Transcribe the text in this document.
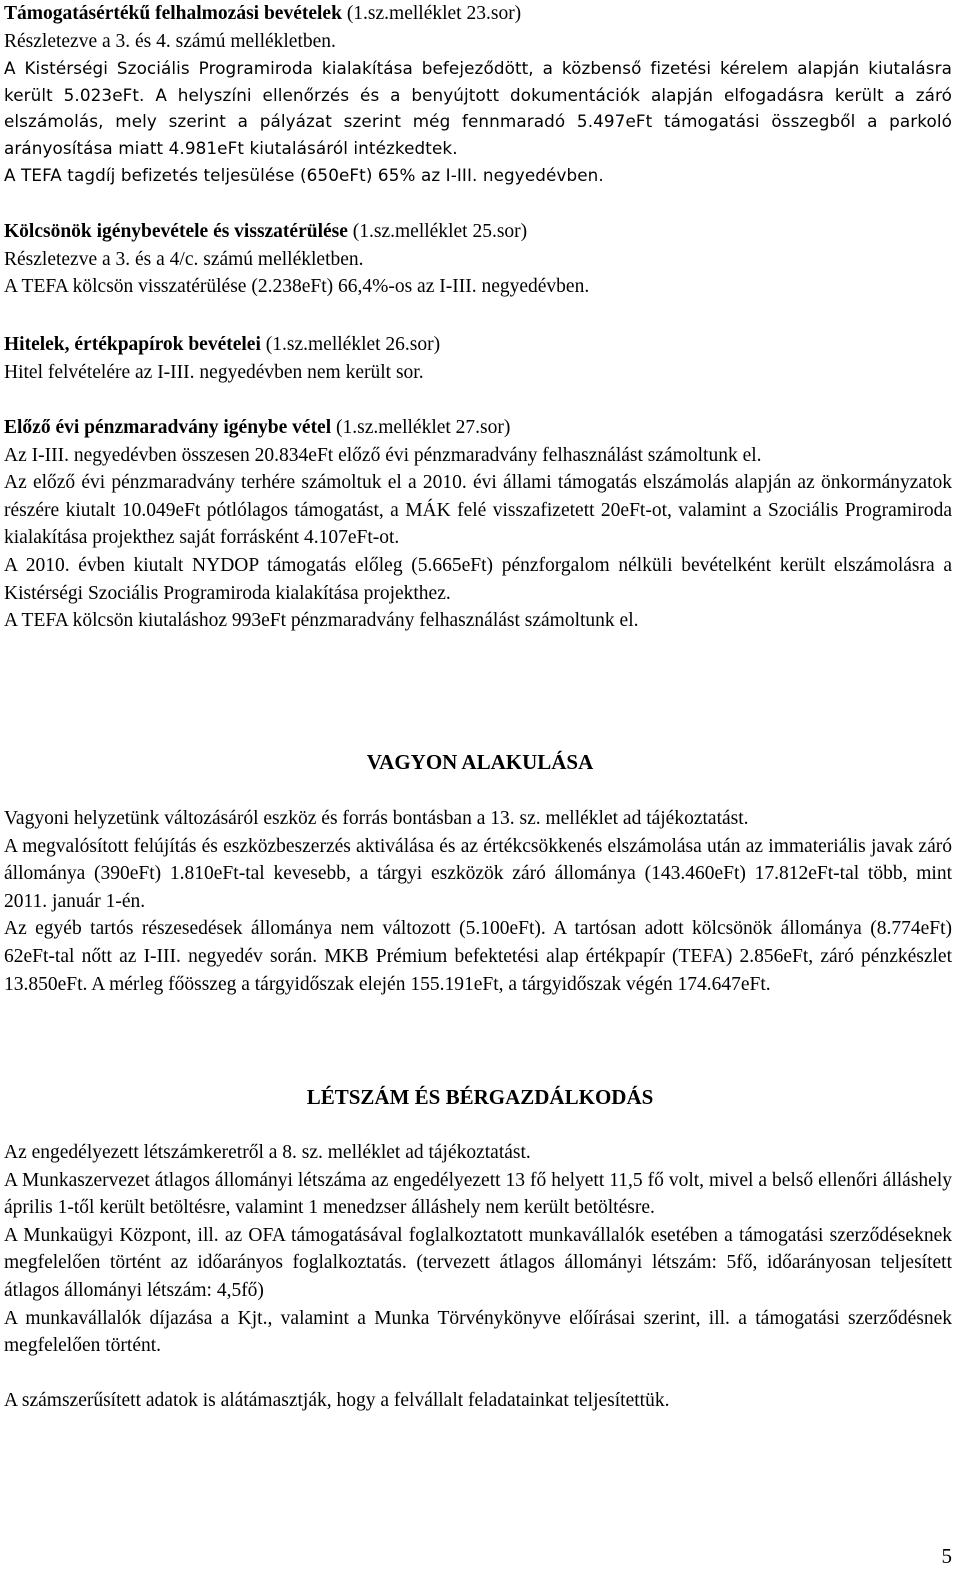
Támogatásértékű felhalmozási bevételek (1.sz.melléklet 23.sor)

Részletezve a 3. és 4. számú mellékletben.

A Kistérségi Szociális Programiroda kialakítása befejeződött, a közbenső fizetési kérelem alapján kiutalásra került 5.023eFt. A helyszíni ellenőrzés és a benyújtott dokumentációk alapján elfogadásra került a záró elszámolás, mely szerint a pályázat szerint még fennmaradó 5.497eFt támogatási összegből a parkoló arányosítása miatt 4.981eFt kiutalásáról intézkedtek.

A TEFA tagdíj befizetés teljesülése (650eFt) 65% az I-III. negyedévben.

Kölcsönök igénybevétele és visszatérülése (1.sz.melléklet 25.sor)

Részletezve a 3. és a 4/c. számú mellékletben.

A TEFA kölcsön visszatérülése (2.238eFt) 66,4%-os az I-III. negyedévben.

Hitelek, értékpapírok bevételei (1.sz.melléklet 26.sor)

Hitel felvételére az I-III. negyedévben nem került sor.

Előző évi pénzmaradvány igénybe vétel (1.sz.melléklet 27.sor)

Az I-III. negyedévben összesen 20.834eFt előző évi pénzmaradvány felhasználást számoltunk el.

Az előző évi pénzmaradvány terhére számoltuk el a 2010. évi állami támogatás elszámolás alapján az önkormányzatok részére kiutalt 10.049eFt pótlólagos támogatást, a MÁK felé visszafizetett 20eFt-ot, valamint a Szociális Programiroda kialakítása projekthez saját forrásként 4.107eFt-ot.

A 2010. évben kiutalt NYDOP támogatás előleg (5.665eFt) pénzforgalom nélküli bevételként került elszámolásra a Kistérségi Szociális Programiroda kialakítása projekthez.

A TEFA kölcsön kiutaláshoz 993eFt pénzmaradvány felhasználást számoltunk el.

VAGYON ALAKULÁSA

Vagyoni helyzetünk változásáról eszköz és forrás bontásban a 13. sz. melléklet ad tájékoztatást.

A megvalósított felújítás és eszközbeszerzés aktiválása és az értékcsökkenés elszámolása után az immateriális javak záró állománya (390eFt) 1.810eFt-tal kevesebb, a tárgyi eszközök záró állománya (143.460eFt) 17.812eFt-tal több, mint 2011. január 1-én.

Az egyéb tartós részesedések állománya nem változott (5.100eFt). A tartósan adott kölcsönök állománya (8.774eFt) 62eFt-tal nőtt az I-III. negyedév során. MKB Prémium befektetési alap értékpapír (TEFA) 2.856eFt, záró pénzkészlet 13.850eFt. A mérleg főösszeg a tárgyidőszak elején 155.191eFt, a tárgyidőszak végén 174.647eFt.

LÉTSZÁM ÉS BÉRGAZDÁLKODÁS

Az engedélyezett létszámkeretről a 8. sz. melléklet ad tájékoztatást.

A Munkaszervezet átlagos állományi létszáma az engedélyezett 13 fő helyett 11,5 fő volt, mivel a belső ellenőri álláshely április 1-től került betöltésre, valamint 1 menedzser álláshely nem került betöltésre.

A Munkaügyi Központ, ill. az OFA támogatásával foglalkoztatott munkavállalók esetében a támogatási szerződéseknek megfelelően történt az időarányos foglalkoztatás. (tervezett átlagos állományi létszám: 5fő, időarányosan teljesített átlagos állományi létszám: 4,5fő)

A munkavállalók díjazása a Kjt., valamint a Munka Törvénykönyve előírásai szerint, ill. a támogatási szerződésnek megfelelően történt.

A számszerűsített adatok is alátámasztják, hogy a felvállalt feladatainkat teljesítettük.

5
